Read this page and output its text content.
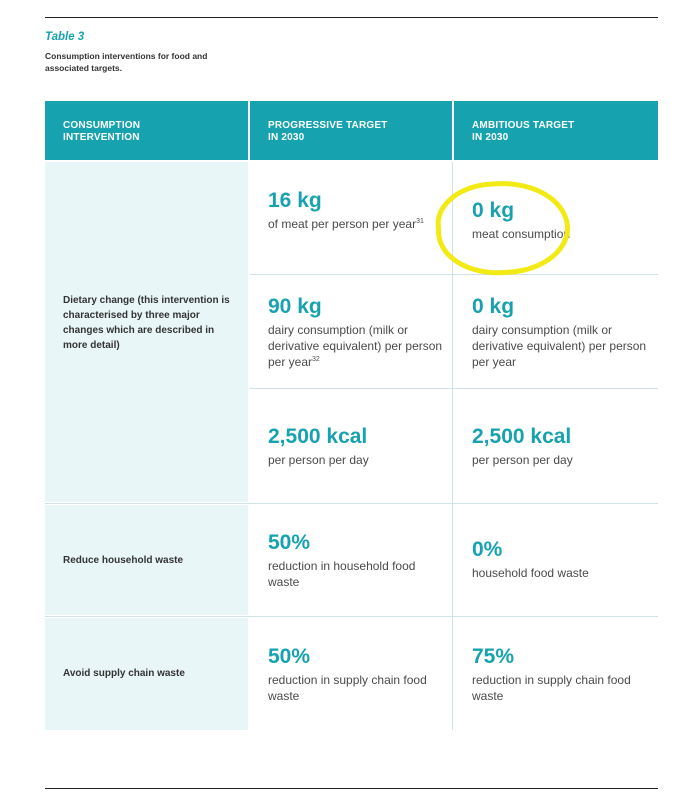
Table 3
Consumption interventions for food and associated targets.
CONSUMPTION
INTERVENTION
PROGRESSIVE TARGET
IN 2030
AMBITIOUS TARGET
IN 2030
Dietary change (this intervention is characterised by three major changes which are described in more detail)
Reduce household waste
Avoid supply chain waste
16 kg
of meat per person per year$^{31}$	0 kg
meat consumption
90 kg
dairy consumption (milk or derivative equivalent) per person per year$^{32}$
0 kg
dairy consumption (milk or derivative equivalent) per person per year
2,500 kcal
per person per day
2,500 kcal
per person per day
50%
reduction in household food waste
0%
household food waste
50%
reduction in supply chain food waste
75%
reduction in supply chain food waste
